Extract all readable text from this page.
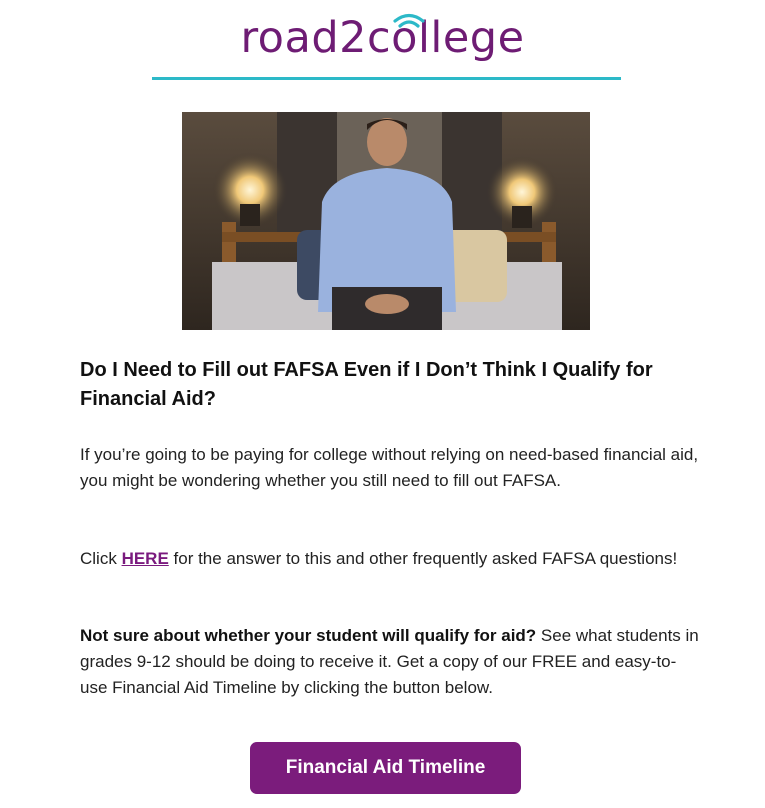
road2college
Do I Need to Fill out FAFSA Even if I Don’t Think I Qualify for Financial Aid?

If you’re going to be paying for college without relying on need-based financial aid, you might be wondering whether you still need to fill out FAFSA.

Click HERE for the answer to this and other frequently asked FAFSA questions!

Not sure about whether your student will qualify for aid? See what students in grades 9-12 should be doing to receive it. Get a copy of our FREE and easy-to-use Financial Aid Timeline by clicking the button below.

Financial Aid Timeline
